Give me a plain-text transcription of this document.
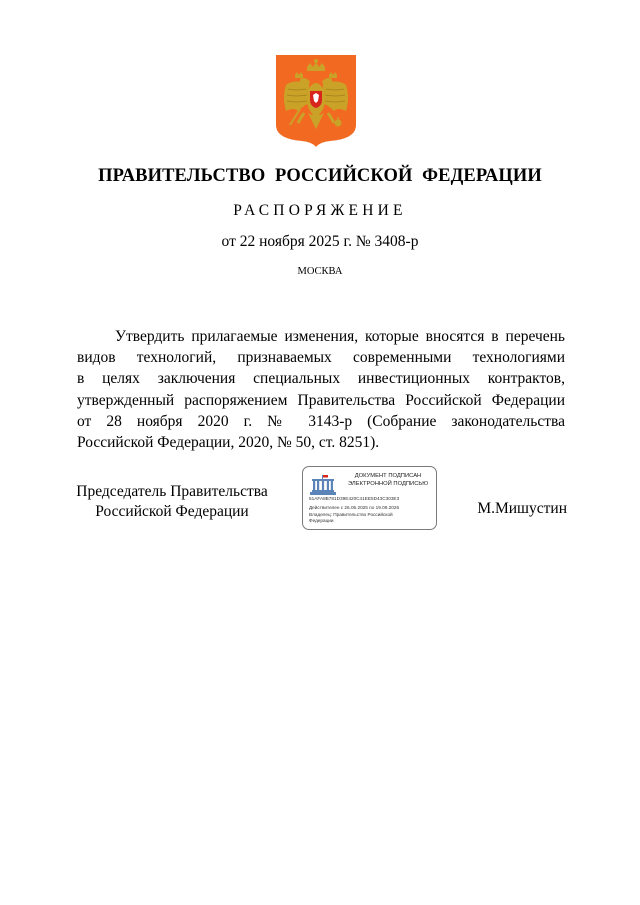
ПРАВИТЕЛЬСТВО РОССИЙСКОЙ ФЕДЕРАЦИИ
РАСПОРЯЖЕНИЕ
от 22 ноября 2025 г. № 3408-р
МОСКВА
Утвердить прилагаемые изменения, которые вносятся в перечень
видов технологий, признаваемых современными технологиями
в целях заключения специальных инвестиционных контрактов,
утвержденный распоряжением Правительства Российской Федерации
от 28 ноября 2020 г. № 3143-р (Собрание законодательства
Российской Федерации, 2020, № 50, ст. 8251).
Председатель Правительства
Российской Федерации
ДОКУМЕНТ ПОДПИСАН
ЭЛЕКТРОННОЙ ПОДПИСЬЮ
51AFA8B781D39E420C41EE5D43C303E3
Действителен с 26.06.2025 по 19.09.2026
Владелец: Правительство Российской
Федерации
М.Мишустин
